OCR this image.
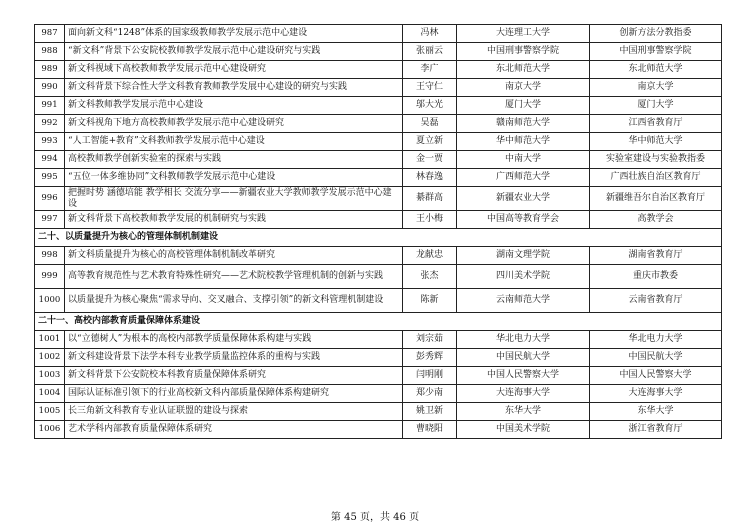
987	面向新文科“1248”体系的国家级教师教学发展示范中心建设	冯林	大连理工大学	创新方法分教指委
988	“新文科”背景下公安院校教师教学发展示范中心建设研究与实践	张丽云	中国刑事警察学院	中国刑事警察学院
989	新文科视域下高校教师教学发展示范中心建设研究	李广	东北师范大学	东北师范大学
990	新文科背景下综合性大学文科教育教师教学发展中心建设的研究与实践	王守仁	南京大学	南京大学
991	新文科教师教学发展示范中心建设	邬大光	厦门大学	厦门大学
992	新文科视角下地方高校教师教学发展示范中心建设研究	吴磊	赣南师范大学	江西省教育厅
993	“人工智能+教育”文科教师教学发展示范中心建设	夏立新	华中师范大学	华中师范大学
994	高校教师教学创新实验室的探索与实践	金一贾	中南大学	实验室建设与实验教指委
995	“五位一体多维协同”文科教师教学发展示范中心建设	林春逸	广西师范大学	广西壮族自治区教育厅
996	把握时势 涵德培能 教学相长 交流分享——新疆农业大学教师教学发展示范中心建设	綦群高	新疆农业大学	新疆维吾尔自治区教育厅
997	新文科背景下高校教师教学发展的机制研究与实践	王小梅	中国高等教育学会	高教学会
二十、以质量提升为核心的管理体制机制建设				
998	新文科质量提升为核心的高校管理体制机制改革研究	龙献忠	湖南文理学院	湖南省教育厅
999	高等教育规范性与艺术教育特殊性研究——艺术院校教学管理机制的创新与实践	张杰	四川美术学院	重庆市教委
1000	以质量提升为核心聚焦“需求导向、交叉融合、支撑引领”的新文科管理机制建设	陈新	云南师范大学	云南省教育厅
二十一、高校内部教育质量保障体系建设				
1001	以“立德树人”为根本的高校内部教学质量保障体系构建与实践	刘宗茹	华北电力大学	华北电力大学
1002	新文科建设背景下法学本科专业教学质量监控体系的重构与实践	彭秀辉	中国民航大学	中国民航大学
1003	新文科背景下公安院校本科教育质量保障体系研究	闫明刚	中国人民警察大学	中国人民警察大学
1004	国际认证标准引领下的行业高校新文科内部质量保障体系构建研究	郑少南	大连海事大学	大连海事大学
1005	长三角新文科教育专业认证联盟的建设与探索	姚卫新	东华大学	东华大学
1006	艺术学科内部教育质量保障体系研究	曹晓阳	中国美术学院	浙江省教育厅
第 45 页，共 46 页
